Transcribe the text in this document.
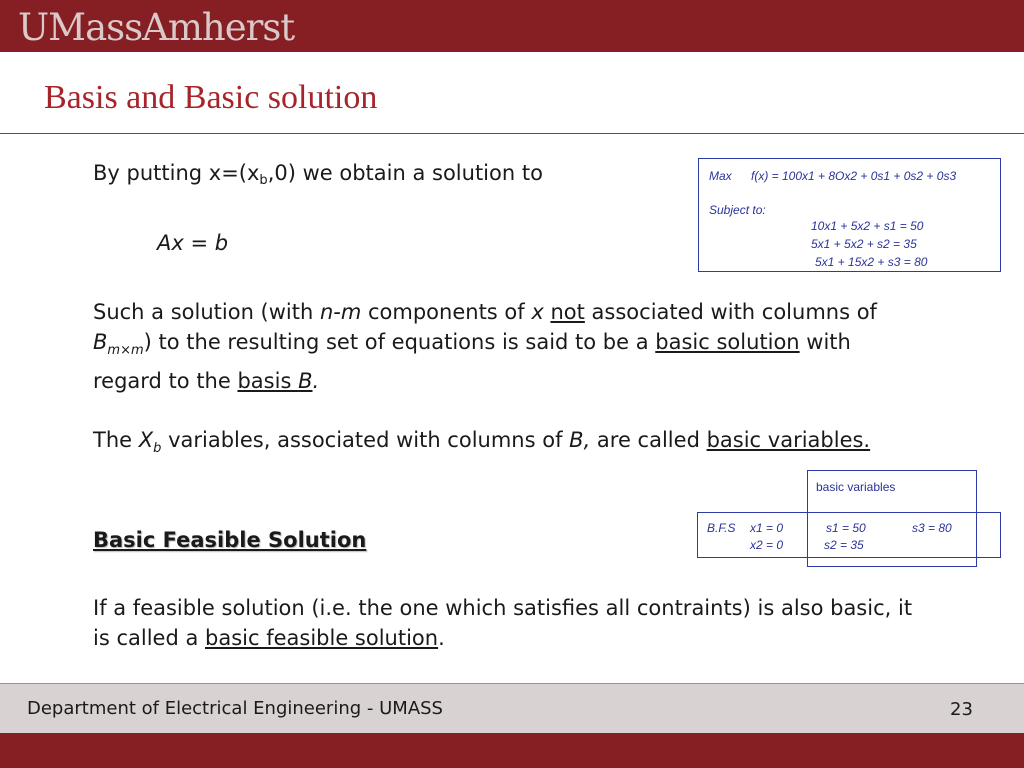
UMassAmherst
Basis and Basic solution

By putting $x=(x_b,0)$ we obtain a solution to

Ax = b

Such a solution (with n-m components of x not associated with columns of $B_{m\times m}$) to the resulting set of equations is said to be a basic solution with regard to the basis B.

The $X_b$ variables, associated with columns of B, are called basic variables.

Basic Feasible Solution

If a feasible solution (i.e. the one which satisfies all contraints) is also basic, it is called a basic feasible solution.

Max f(x) = 100x1 + 8Ox2 + 0s1 + 0s2 + 0s3
Subject to:
10x1 + 5x2 + s1 = 50
5x1 + 5x2 + s2 = 35
5x1 + 15x2 + s3 = 80
basic variables
B.F.S x1 = 0
x2 = 0
s1 = 50
s2 = 35
s3 = 80
Department of Electrical Engineering - UMASS	23
